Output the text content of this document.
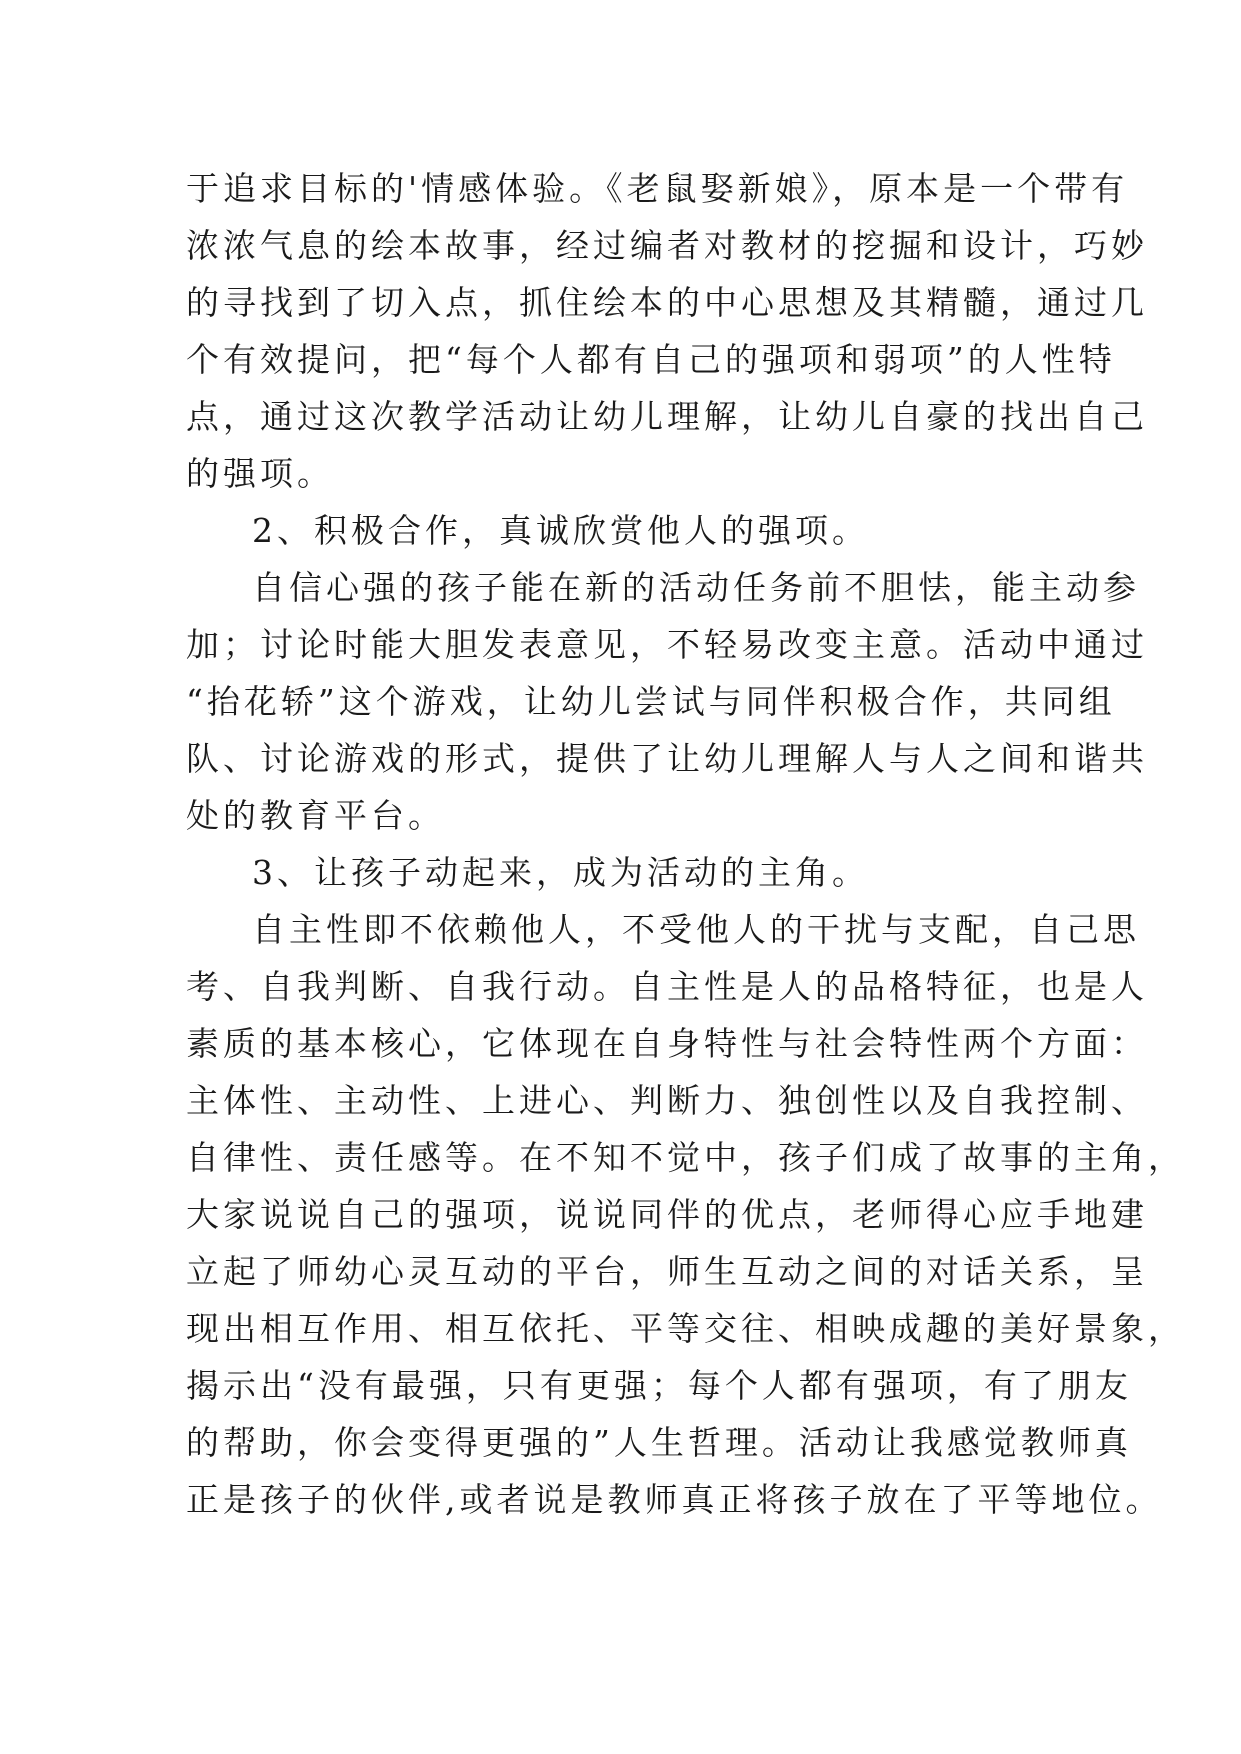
于追求目标的'情感体验。《老鼠娶新娘》，原本是一个带有
浓浓气息的绘本故事，经过编者对教材的挖掘和设计，巧妙
的寻找到了切入点，抓住绘本的中心思想及其精髓，通过几
个有效提问，把“每个人都有自己的强项和弱项”的人性特
点，通过这次教学活动让幼儿理解，让幼儿自豪的找出自己
的强项。
2、积极合作，真诚欣赏他人的强项。
自信心强的孩子能在新的活动任务前不胆怯，能主动参
加；讨论时能大胆发表意见，不轻易改变主意。活动中通过
“抬花轿”这个游戏，让幼儿尝试与同伴积极合作，共同组
队、讨论游戏的形式，提供了让幼儿理解人与人之间和谐共
处的教育平台。
3、让孩子动起来，成为活动的主角。
自主性即不依赖他人，不受他人的干扰与支配，自己思
考、自我判断、自我行动。自主性是人的品格特征，也是人
素质的基本核心，它体现在自身特性与社会特性两个方面：
主体性、主动性、上进心、判断力、独创性以及自我控制、
自律性、责任感等。在不知不觉中，孩子们成了故事的主角，
大家说说自己的强项，说说同伴的优点，老师得心应手地建
立起了师幼心灵互动的平台，师生互动之间的对话关系，呈
现出相互作用、相互依托、平等交往、相映成趣的美好景象，
揭示出“没有最强，只有更强；每个人都有强项，有了朋友
的帮助，你会变得更强的”人生哲理。活动让我感觉教师真
正是孩子的伙伴,或者说是教师真正将孩子放在了平等地位。
